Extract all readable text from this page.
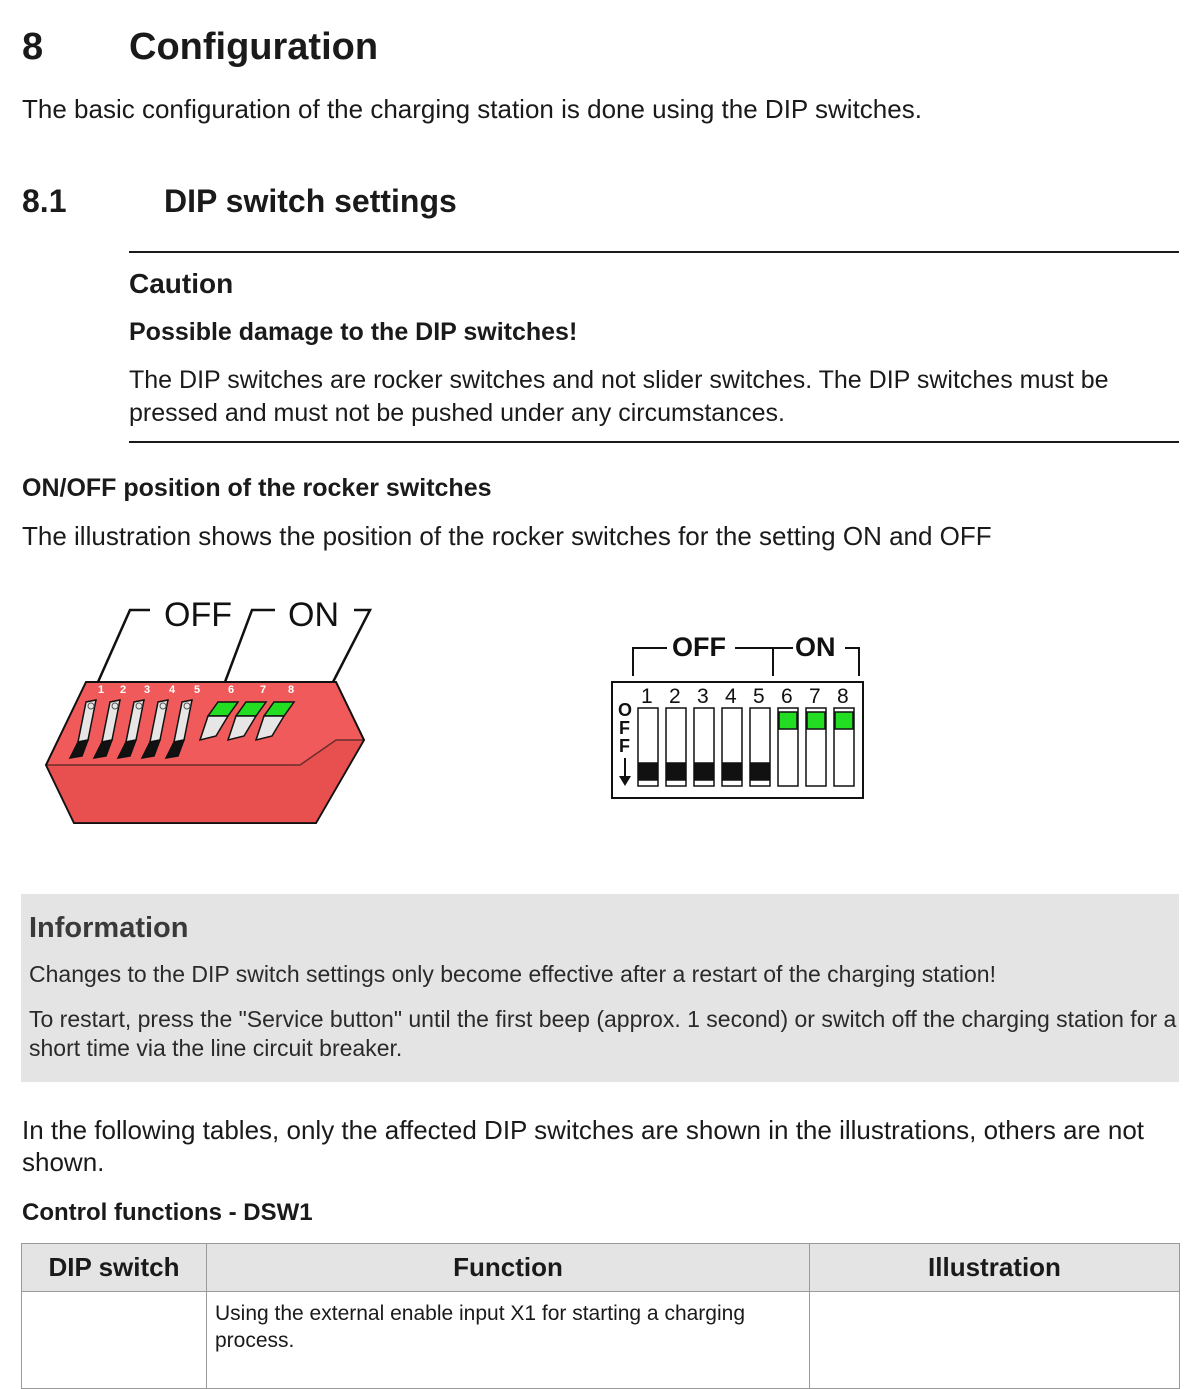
8 Configuration
The basic configuration of the charging station is done using the DIP switches.
8.1	DIP switch settings
Caution
Possible damage to the DIP switches!
The DIP switches are rocker switches and not slider switches. The DIP switches must be pressed and must not be pushed under any circumstances.
ON/OFF position of the rocker switches
The illustration shows the position of the rocker switches for the setting ON and OFF
OFF ON
1 2 3 4 5	6 7 8
OFF	ON
O
F
F
1 2 3 4 5 6 7 8
Information
Changes to the DIP switch settings only become effective after a restart of the charging station!
To restart, press the "Service button" until the first beep (approx. 1 second) or switch off the charging station for a short time via the line circuit breaker.
In the following tables, only the affected DIP switches are shown in the illustrations, others are not shown.
Control functions - DSW1
DIP switch	Function	Illustration
	Using the external enable input X1 for starting a charging process.	
